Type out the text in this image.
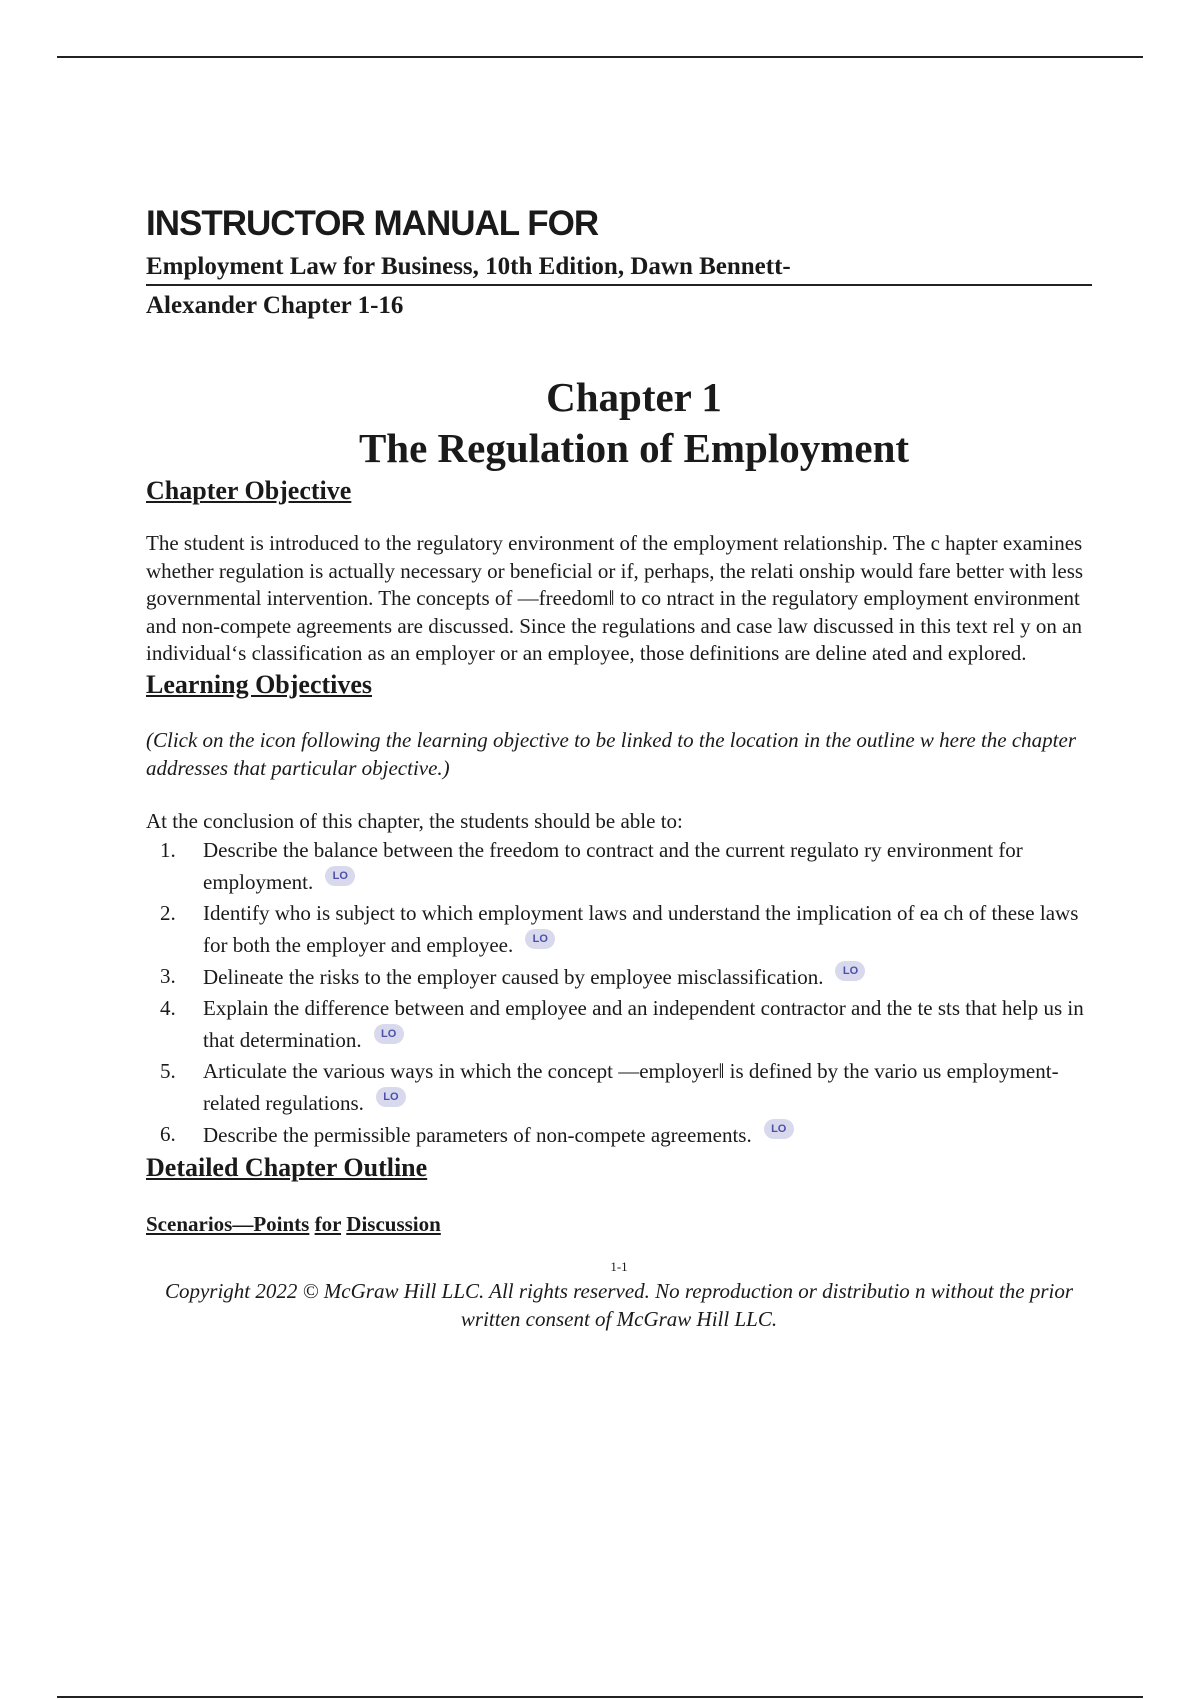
INSTRUCTOR MANUAL FOR
Employment Law for Business, 10th Edition, Dawn Bennett-
Alexander Chapter 1-16
Chapter 1
The Regulation of Employment
Chapter Objective

The student is introduced to the regulatory environment of the employment relationship. The c hapter examines whether regulation is actually necessary or beneficial or if, perhaps, the relati onship would fare better with less governmental intervention. The concepts of ―freedom‖ to co ntract in the regulatory employment environment and non-compete agreements are discussed. Since the regulations and case law discussed in this text rel y on an individual‘s classification as an employer or an employee, those definitions are deline ated and explored.

Learning Objectives
(Click on the icon following the learning objective to be linked to the location in the outline w here the chapter addresses that particular objective.)
At the conclusion of this chapter, the students should be able to:
1. Describe the balance between the freedom to contract and the current regulato ry environment for employment. LO
2. Identify who is subject to which employment laws and understand the implication of ea ch of these laws for both the employer and employee. LO
3. Delineate the risks to the employer caused by employee misclassification. LO
4. Explain the difference between and employee and an independent contractor and the te sts that help us in that determination. LO
5. Articulate the various ways in which the concept ―employer‖ is defined by the vario us employment-related regulations. LO
6. Describe the permissible parameters of non-compete agreements. LO
Detailed Chapter Outline
Scenarios—Points for Discussion
1-1
Copyright 2022 © McGraw Hill LLC. All rights reserved. No reproduction or distributio n without the prior written consent of McGraw Hill LLC.
